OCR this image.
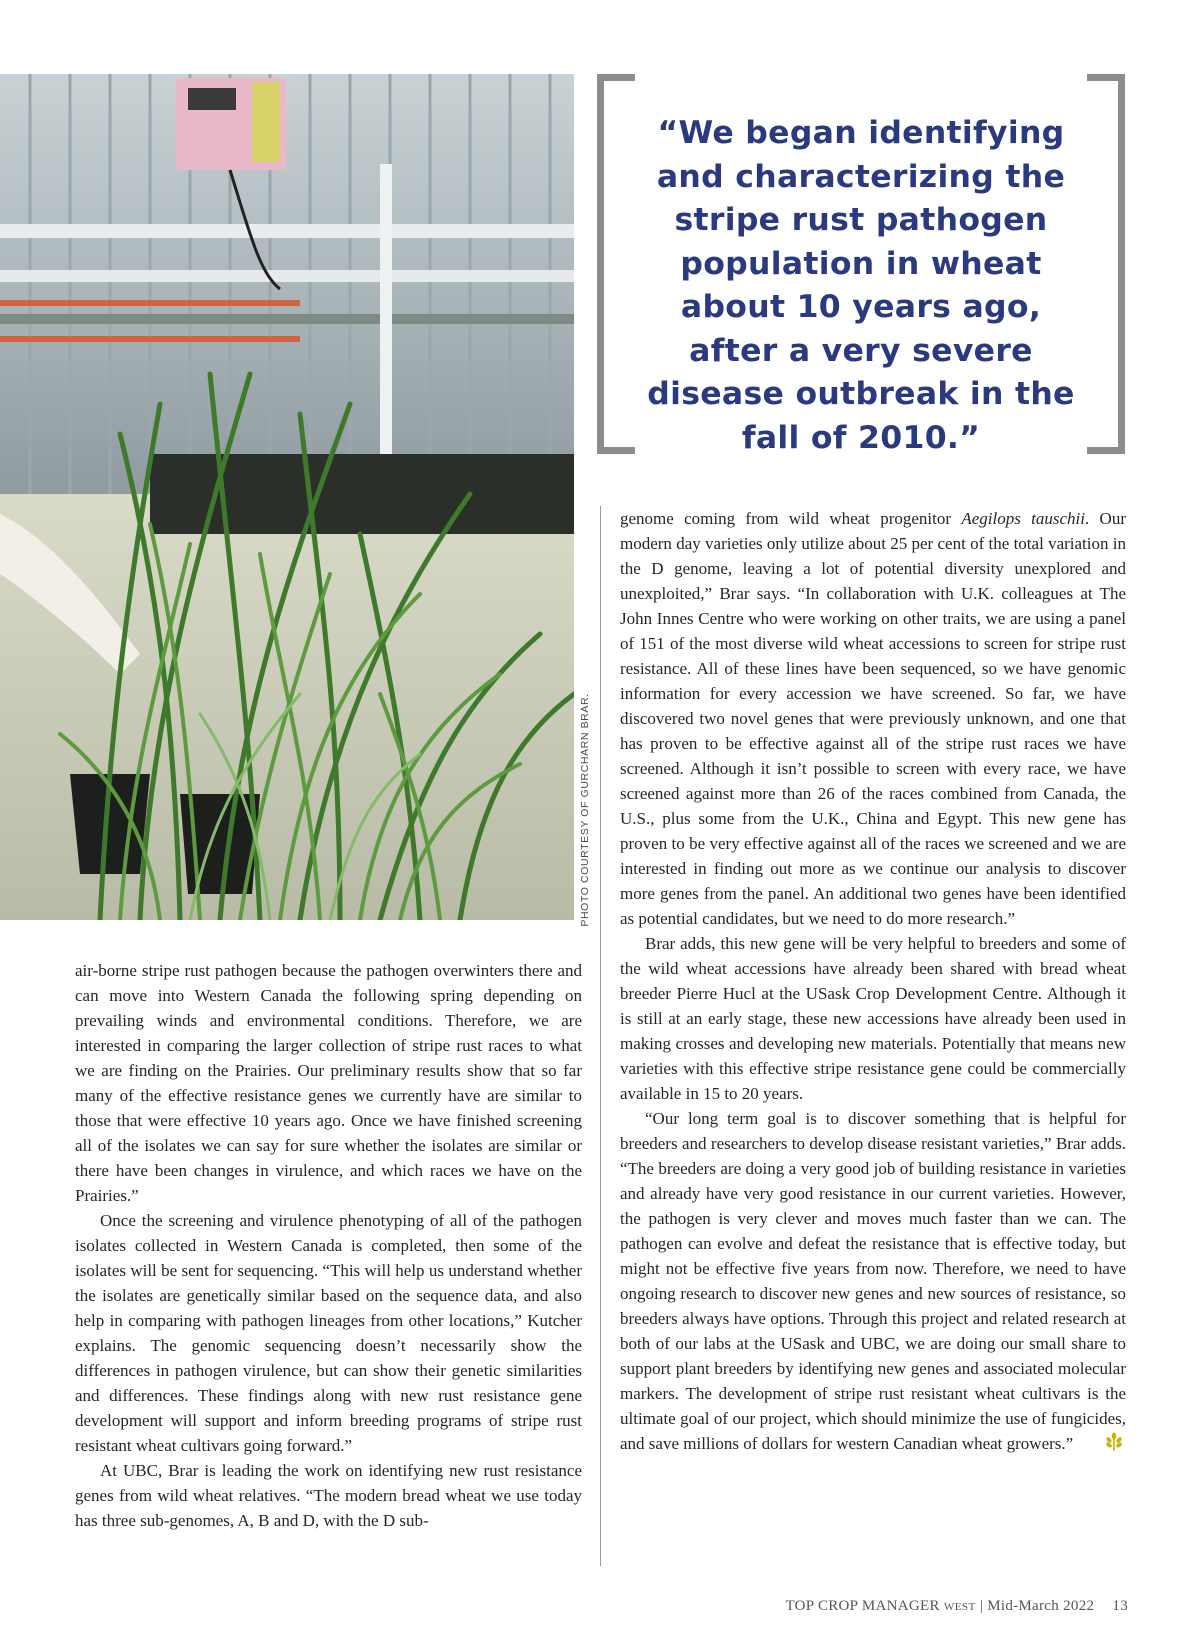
PHOTO COURTESY OF GURCHARN BRAR.
“We began identifying and characterizing the stripe rust pathogen population in wheat about 10 years ago, after a very severe disease outbreak in the fall of 2010.”

air-borne stripe rust pathogen because the pathogen overwinters there and can move into Western Canada the following spring depending on prevailing winds and environmental conditions. Therefore, we are interested in comparing the larger collection of stripe rust races to what we are finding on the Prairies. Our preliminary results show that so far many of the effective resistance genes we currently have are similar to those that were effective 10 years ago. Once we have finished screening all of the isolates we can say for sure whether the isolates are similar or there have been changes in virulence, and which races we have on the Prairies.”

Once the screening and virulence phenotyping of all of the pathogen isolates collected in Western Canada is completed, then some of the isolates will be sent for sequencing. “This will help us understand whether the isolates are genetically similar based on the sequence data, and also help in comparing with pathogen lineages from other locations,” Kutcher explains. The genomic sequencing doesn’t necessarily show the differences in pathogen virulence, but can show their genetic similarities and differences. These findings along with new rust resistance gene development will support and inform breeding programs of stripe rust resistant wheat cultivars going forward.”

At UBC, Brar is leading the work on identifying new rust resistance genes from wild wheat relatives. “The modern bread wheat we use today has three sub-genomes, A, B and D, with the D sub-

genome coming from wild wheat progenitor Aegilops tauschii. Our modern day varieties only utilize about 25 per cent of the total variation in the D genome, leaving a lot of potential diversity unexplored and unexploited,” Brar says. “In collaboration with U.K. colleagues at The John Innes Centre who were working on other traits, we are using a panel of 151 of the most diverse wild wheat accessions to screen for stripe rust resistance. All of these lines have been sequenced, so we have genomic information for every accession we have screened. So far, we have discovered two novel genes that were previously unknown, and one that has proven to be effective against all of the stripe rust races we have screened. Although it isn’t possible to screen with every race, we have screened against more than 26 of the races combined from Canada, the U.S., plus some from the U.K., China and Egypt. This new gene has proven to be very effective against all of the races we screened and we are interested in finding out more as we continue our analysis to discover more genes from the panel. An additional two genes have been identified as potential candidates, but we need to do more research.”

Brar adds, this new gene will be very helpful to breeders and some of the wild wheat accessions have already been shared with bread wheat breeder Pierre Hucl at the USask Crop Development Centre. Although it is still at an early stage, these new accessions have already been used in making crosses and developing new materials. Potentially that means new varieties with this effective stripe resistance gene could be commercially available in 15 to 20 years.

“Our long term goal is to discover something that is helpful for breeders and researchers to develop disease resistant varieties,” Brar adds. “The breeders are doing a very good job of building resistance in varieties and already have very good resistance in our current varieties. However, the pathogen is very clever and moves much faster than we can. The pathogen can evolve and defeat the resistance that is effective today, but might not be effective five years from now. Therefore, we need to have ongoing research to discover new genes and new sources of resistance, so breeders always have options. Through this project and related research at both of our labs at the USask and UBC, we are doing our small share to support plant breeders by identifying new genes and associated molecular markers. The development of stripe rust resistant wheat cultivars is the ultimate goal of our project, which should minimize the use of fungicides, and save millions of dollars for western Canadian wheat growers.”

TOP CROP MANAGER WEST | Mid-March 2022 13
